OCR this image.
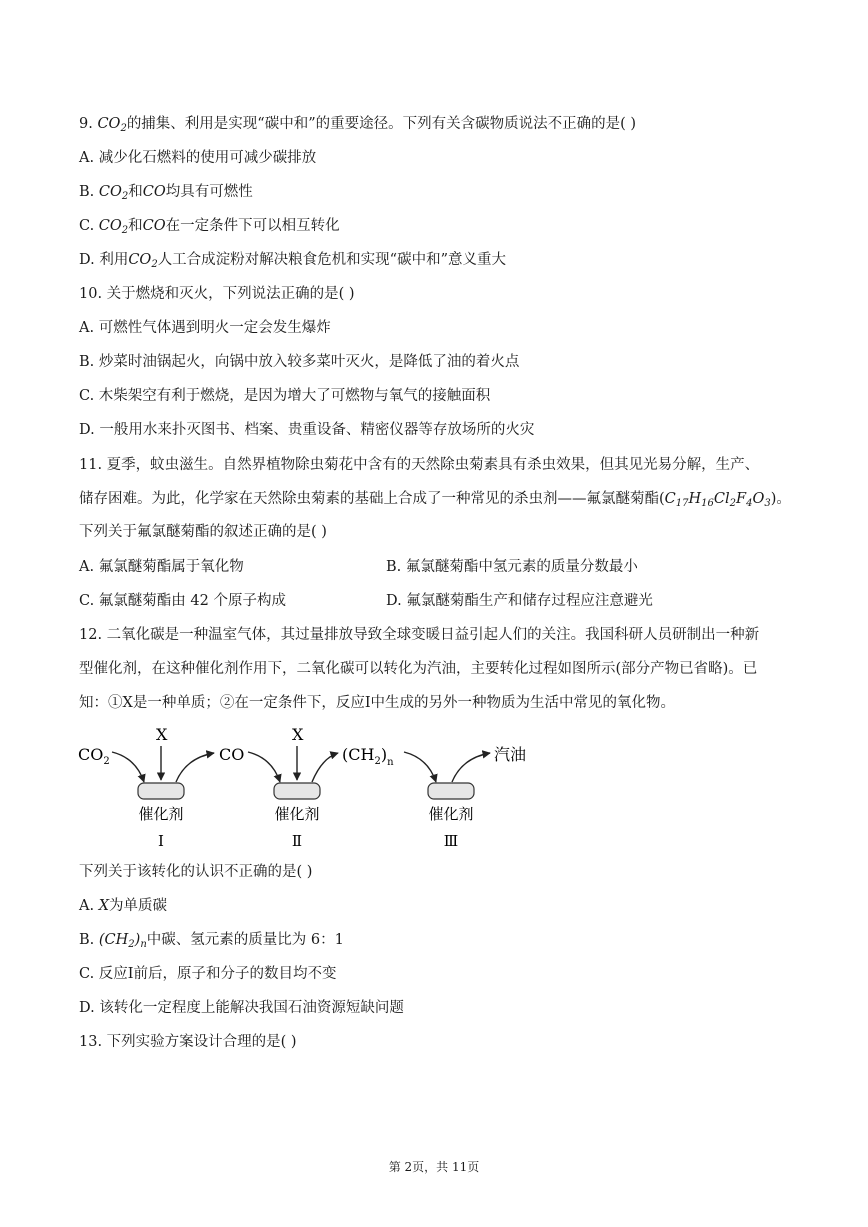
9. $CO_2$的捕集、利用是实现“碳中和”的重要途径。下列有关含碳物质说法不正确的是( )
A. 减少化石燃料的使用可减少碳排放
B. $CO_2$和CO均具有可燃性
C. $CO_2$和CO在一定条件下可以相互转化
D. 利用$CO_2$人工合成淀粉对解决粮食危机和实现“碳中和”意义重大
10. 关于燃烧和灭火，下列说法正确的是( )
A. 可燃性气体遇到明火一定会发生爆炸
B. 炒菜时油锅起火，向锅中放入较多菜叶灭火，是降低了油的着火点
C. 木柴架空有利于燃烧，是因为增大了可燃物与氧气的接触面积
D. 一般用水来扑灭图书、档案、贵重设备、精密仪器等存放场所的火灾
11. 夏季，蚊虫滋生。自然界植物除虫菊花中含有的天然除虫菊素具有杀虫效果，但其见光易分解，生产、
储存困难。为此，化学家在天然除虫菊素的基础上合成了一种常见的杀虫剂——氟氯醚菊酯$(C_{17}H_{16}Cl_2F_4O_3)$。
下列关于氟氯醚菊酯的叙述正确的是( )
A. 氟氯醚菊酯属于氧化物	B. 氟氯醚菊酯中氢元素的质量分数最小
C. 氟氯醚菊酯由 42 个原子构成	D. 氟氯醚菊酯生产和储存过程应注意避光
12. 二氧化碳是一种温室气体，其过量排放导致全球变暖日益引起人们的关注。我国科研人员研制出一种新
型催化剂，在这种催化剂作用下，二氧化碳可以转化为汽油，主要转化过程如图所示(部分产物已省略)。已
知：①X是一种单质；②在一定条件下，反应Ⅰ中生成的另外一种物质为生活中常见的氧化物。
$CO_2$
X
CO
X
$(CH_2)_n$	汽油
催化剂	催化剂	催化剂
Ⅰ	Ⅱ	Ⅲ
下列关于该转化的认识不正确的是( )
A. X为单质碳
B. $(CH_2)_n$中碳、氢元素的质量比为 6：1
C. 反应Ⅰ前后，原子和分子的数目均不变
D. 该转化一定程度上能解决我国石油资源短缺问题
13. 下列实验方案设计合理的是( )
第 2页，共 11页
